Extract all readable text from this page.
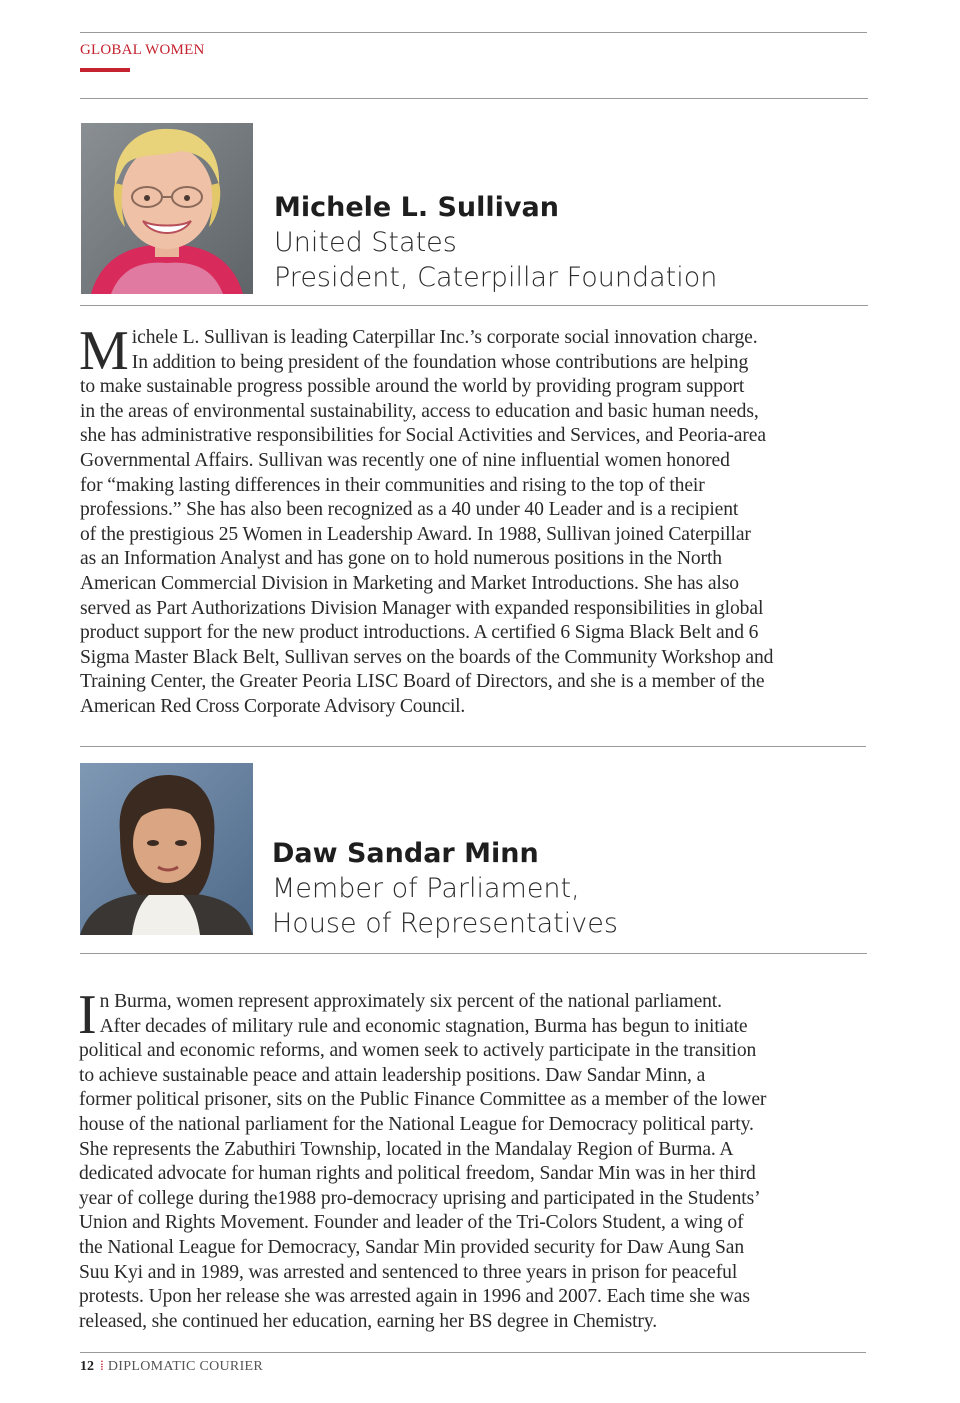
GLOBAL WOMEN
Michele L. Sullivan
United States
President, Caterpillar Foundation

M ichele L. Sullivan is leading Caterpillar Inc.’s corporate social innovation charge.
In addition to being president of the foundation whose contributions are helping
to make sustainable progress possible around the world by providing program support
in the areas of environmental sustainability, access to education and basic human needs,
she has administrative responsibilities for Social Activities and Services, and Peoria-area
Governmental Affairs. Sullivan was recently one of nine influential women honored
for “making lasting differences in their communities and rising to the top of their
professions.” She has also been recognized as a 40 under 40 Leader and is a recipient
of the prestigious 25 Women in Leadership Award. In 1988, Sullivan joined Caterpillar
as an Information Analyst and has gone on to hold numerous positions in the North
American Commercial Division in Marketing and Market Introductions. She has also
served as Part Authorizations Division Manager with expanded responsibilities in global
product support for the new product introductions. A certified 6 Sigma Black Belt and 6
Sigma Master Black Belt, Sullivan serves on the boards of the Community Workshop and
Training Center, the Greater Peoria LISC Board of Directors, and she is a member of the
American Red Cross Corporate Advisory Council.

Daw Sandar Minn
Member of Parliament,
House of Representatives

I n Burma, women represent approximately six percent of the national parliament.
After decades of military rule and economic stagnation, Burma has begun to initiate
political and economic reforms, and women seek to actively participate in the transition
to achieve sustainable peace and attain leadership positions. Daw Sandar Minn, a
former political prisoner, sits on the Public Finance Committee as a member of the lower
house of the national parliament for the National League for Democracy political party.
She represents the Zabuthiri Township, located in the Mandalay Region of Burma. A
dedicated advocate for human rights and political freedom, Sandar Min was in her third
year of college during the1988 pro-democracy uprising and participated in the Students’
Union and Rights Movement. Founder and leader of the Tri-Colors Student, a wing of
the National League for Democracy, Sandar Min provided security for Daw Aung San
Suu Kyi and in 1989, was arrested and sentenced to three years in prison for peaceful
protests. Upon her release she was arrested again in 1996 and 2007. Each time she was
released, she continued her education, earning her BS degree in Chemistry.

12 ⁞ DIPLOMATIC COURIER
